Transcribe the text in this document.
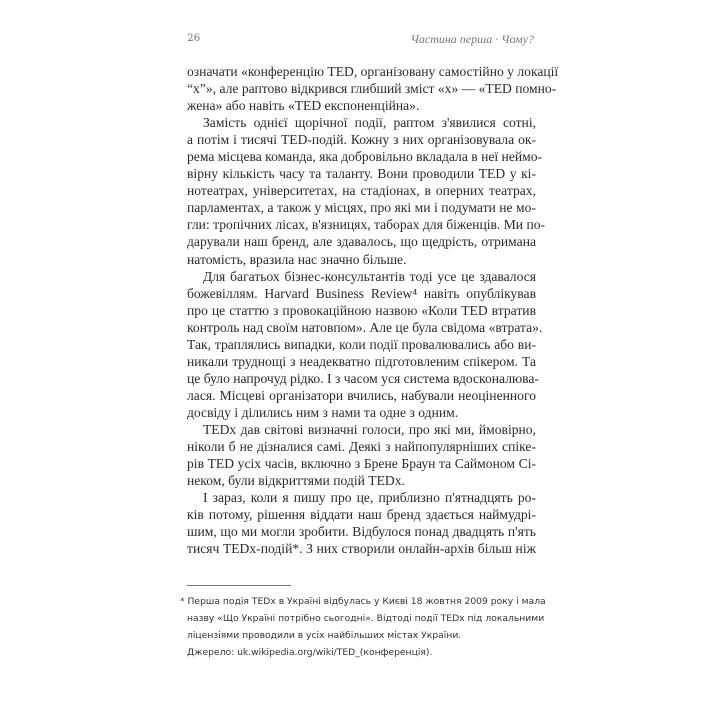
26	Частина перша · Чому?
означати «конференцію TED, організовану самостійно у локації
“х”», але раптово відкрився глибший зміст «х» — «TED помно-
жена» або навіть «TED експоненційна».
Замість однієї щорічної події, раптом з'явилися сотні,
а потім і тисячі TED-подій. Кожну з них організовувала ок-
рема місцева команда, яка добровільно вкладала в неї неймо-
вірну кількість часу та таланту. Вони проводили TED у кі-
нотеатрах, університетах, на стадіонах, в оперних театрах,
парламентах, а також у місцях, про які ми і подумати не мо-
гли: тропічних лісах, в'язницях, таборах для біженців. Ми по-
дарували наш бренд, але здавалось, що щедрість, отримана
натомість, вразила нас значно більше.
Для багатьох бізнес-консультантів тоді усе це здавалося
божевіллям. Harvard Business Review⁴ навіть опублікував
про це статтю з провокаційною назвою «Коли TED втратив
контроль над своїм натовпом». Але це була свідома «втрата».
Так, траплялись випадки, коли події провалювались або ви-
никали труднощі з неадекватно підготовленим спікером. Та
це було напрочуд рідко. І з часом уся система вдосконалюва-
лася. Місцеві організатори вчились, набували неоціненного
досвіду і ділились ним з нами та одне з одним.
TEDx дав світові визначні голоси, про які ми, ймовірно,
ніколи б не дізналися самі. Деякі з найпопулярніших спіке-
рів TED усіх часів, включно з Брене Браун та Саймоном Сі-
неком, були відкриттями подій TEDx.
І зараз, коли я пишу про це, приблизно п'ятнадцять ро-
ків потому, рішення віддати наш бренд здається наймудрі-
шим, що ми могли зробити. Відбулося понад двадцять п'ять
тисяч TEDx-подій*. З них створили онлайн-архів більш ніж
* Перша подія TEDx в Україні відбулась у Києві 18 жовтня 2009 року і мала
назву «Що Україні потрібно сьогодні». Відтоді події TEDx під локальними
ліцензіями проводили в усіх найбільших містах України.
Джерело: uk.wikipedia.org/wiki/TED_(конференція).
